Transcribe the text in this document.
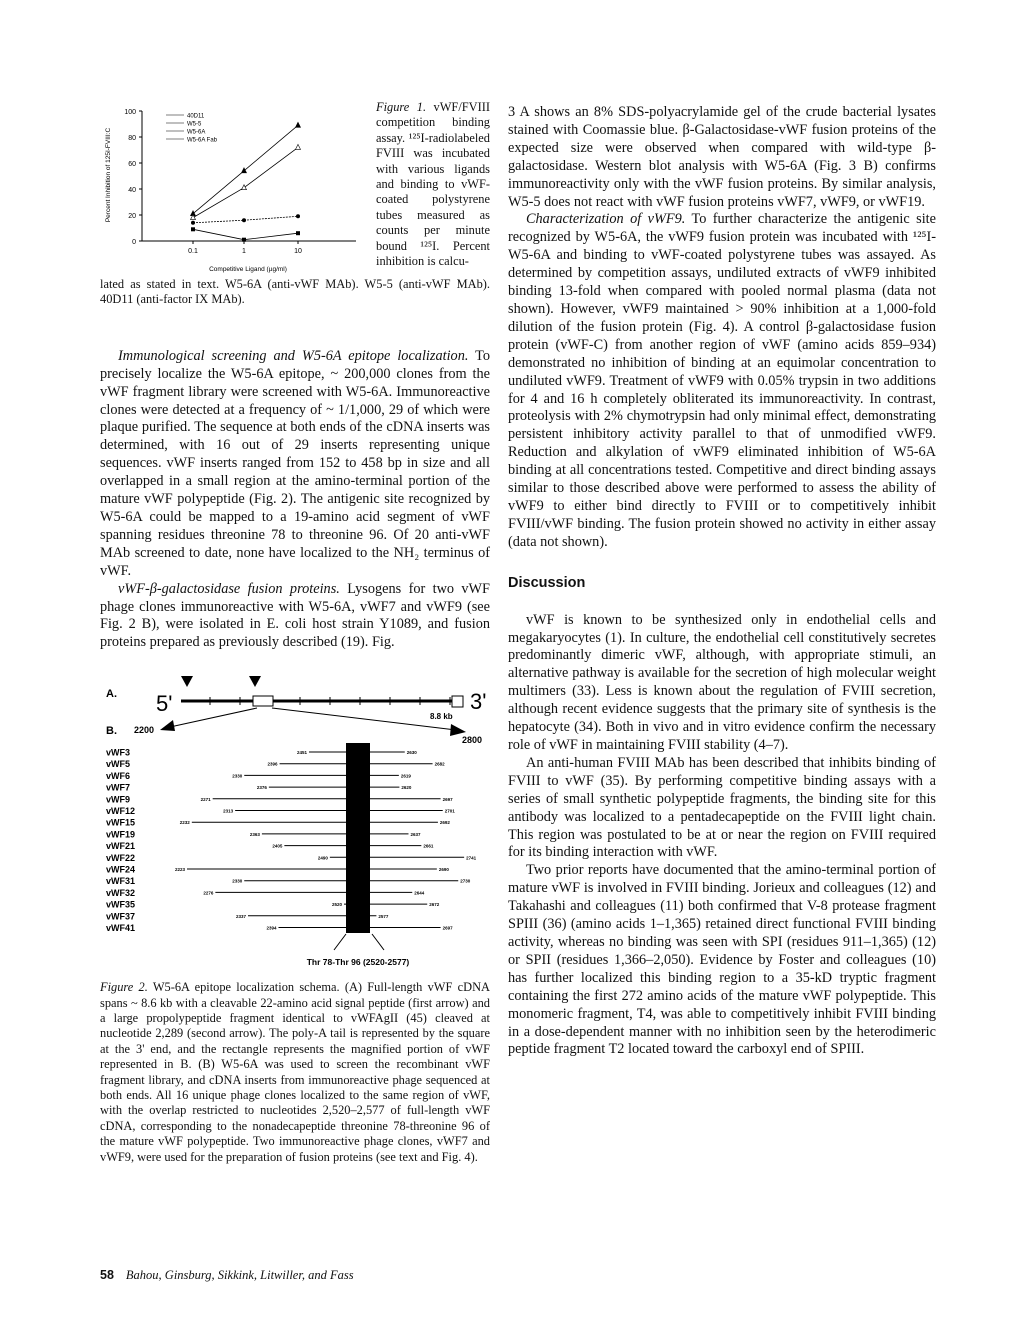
0
20
40
60
80
100
0.1	1	10
Competitive Ligand (µg/ml)
Percent Inhibition of 125I-FVIII:C
40D11
W5-5
W5-6A
W5-6A Fab
Figure 1. vWF/FVIII competition binding assay. ¹²⁵I-radiolabeled FVIII was incubated with various ligands and binding to vWF-coated polystyrene tubes measured as counts per minute bound ¹²⁵I. Percent inhibition is calcu-
lated as stated in text. W5-6A (anti-vWF MAb). W5-5 (anti-vWF MAb). 40D11 (anti-factor IX MAb).

Immunological screening and W5-6A epitope localization. To precisely localize the W5-6A epitope, ~ 200,000 clones from the vWF fragment library were screened with W5-6A. Immunoreactive clones were detected at a frequency of ~ 1/1,000, 29 of which were plaque purified. The sequence at both ends of the cDNA inserts was determined, with 16 out of 29 inserts representing unique sequences. vWF inserts ranged from 152 to 458 bp in size and all overlapped in a small region at the amino-terminal portion of the mature vWF polypeptide (Fig. 2). The antigenic site recognized by W5-6A could be mapped to a 19-amino acid segment of vWF spanning residues threonine 78 to threonine 96. Of 20 anti-vWF MAb screened to date, none have localized to the NH₂ terminus of vWF.

vWF-β-galactosidase fusion proteins. Lysogens for two vWF phage clones immunoreactive with W5-6A, vWF7 and vWF9 (see Fig. 2 B), were isolated in E. coli host strain Y1089, and fusion proteins prepared as previously described (19). Fig.

A. 5'	3'
8.8 kb
B. 2200
2800
vWF3	2451	2630
vWF5	2396	2682
vWF6	2330	2619
vWF7	2376	2620
vWF9	2271	2697
vWF12	2313	2701
vWF15	2232	2692
vWF19	2363	2637
vWF21	2405	2661
vWF22	2490	2741
vWF24	2223	2690
vWF31	2330	2730
vWF32	2276	2644
vWF35	2520	2672
vWF37	2337	2577
vWF41	2394	2697
Thr 78-Thr 96 (2520-2577)
Figure 2. W5-6A epitope localization schema. (A) Full-length vWF cDNA spans ~ 8.6 kb with a cleavable 22-amino acid signal peptide (first arrow) and a large propolypeptide fragment identical to vWFAgII (45) cleaved at nucleotide 2,289 (second arrow). The poly-A tail is represented by the square at the 3' end, and the rectangle represents the magnified portion of vWF represented in B. (B) W5-6A was used to screen the recombinant vWF fragment library, and cDNA inserts from immunoreactive phage sequenced at both ends. All 16 unique phage clones localized to the same region of vWF, with the overlap restricted to nucleotides 2,520–2,577 of full-length vWF cDNA, corresponding to the nonadecapeptide threonine 78-threonine 96 of the mature vWF polypeptide. Two immunoreactive phage clones, vWF7 and vWF9, were used for the preparation of fusion proteins (see text and Fig. 4).

3 A shows an 8% SDS-polyacrylamide gel of the crude bacterial lysates stained with Coomassie blue. β-Galactosidase-vWF fusion proteins of the expected size were observed when compared with wild-type β-galactosidase. Western blot analysis with W5-6A (Fig. 3 B) confirms immunoreactivity only with the vWF fusion proteins. By similar analysis, W5-5 does not react with vWF fusion proteins vWF7, vWF9, or vWF19.

Characterization of vWF9. To further characterize the antigenic site recognized by W5-6A, the vWF9 fusion protein was incubated with ¹²⁵I-W5-6A and binding to vWF-coated polystyrene tubes was assayed. As determined by competition assays, undiluted extracts of vWF9 inhibited binding 13-fold when compared with pooled normal plasma (data not shown). However, vWF9 maintained > 90% inhibition at a 1,000-fold dilution of the fusion protein (Fig. 4). A control β-galactosidase fusion protein (vWF-C) from another region of vWF (amino acids 859–934) demonstrated no inhibition of binding at an equimolar concentration to undiluted vWF9. Treatment of vWF9 with 0.05% trypsin in two additions for 4 and 16 h completely obliterated its immunoreactivity. In contrast, proteolysis with 2% chymotrypsin had only minimal effect, demonstrating persistent inhibitory activity parallel to that of unmodified vWF9. Reduction and alkylation of vWF9 eliminated inhibition of W5-6A binding at all concentrations tested. Competitive and direct binding assays similar to those described above were performed to assess the ability of vWF9 to either bind directly to FVIII or to competitively inhibit FVIII/vWF binding. The fusion protein showed no activity in either assay (data not shown).

Discussion

vWF is known to be synthesized only in endothelial cells and megakaryocytes (1). In culture, the endothelial cell constitutively secretes predominantly dimeric vWF, although, with appropriate stimuli, an alternative pathway is available for the secretion of high molecular weight multimers (33). Less is known about the regulation of FVIII secretion, although recent evidence suggests that the primary site of synthesis is the hepatocyte (34). Both in vivo and in vitro evidence confirm the necessary role of vWF in maintaining FVIII stability (4–7).

An anti-human FVIII MAb has been described that inhibits binding of FVIII to vWF (35). By performing competitive binding assays with a series of small synthetic polypeptide fragments, the binding site for this antibody was localized to a pentadecapeptide on the FVIII light chain. This region was postulated to be at or near the region on FVIII required for its binding interaction with vWF.

Two prior reports have documented that the amino-terminal portion of mature vWF is involved in FVIII binding. Jorieux and colleagues (12) and Takahashi and colleagues (11) both confirmed that V-8 protease fragment SPIII (36) (amino acids 1–1,365) retained direct functional FVIII binding activity, whereas no binding was seen with SPI (residues 911–1,365) (12) or SPII (residues 1,366–2,050). Evidence by Foster and colleagues (10) has further localized this binding region to a 35-kD tryptic fragment containing the first 272 amino acids of the mature vWF polypeptide. This monomeric fragment, T4, was able to competitively inhibit FVIII binding in a dose-dependent manner with no inhibition seen by the heterodimeric peptide fragment T2 located toward the carboxyl end of SPIII.

58 Bahou, Ginsburg, Sikkink, Litwiller, and Fass
